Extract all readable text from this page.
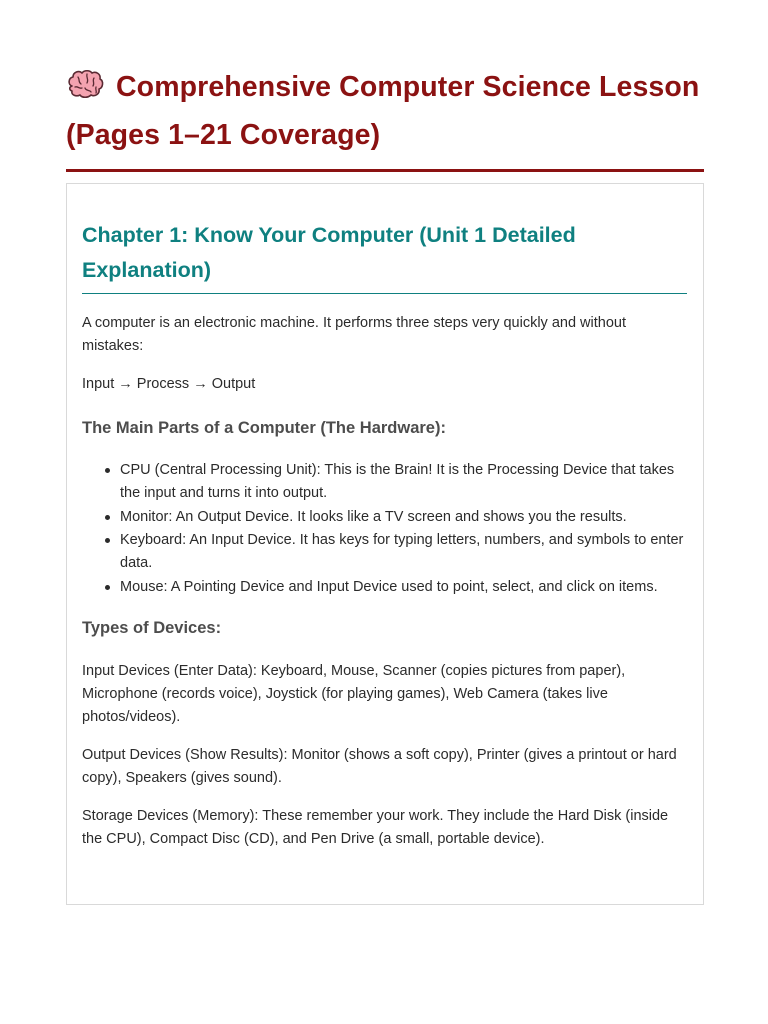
Comprehensive Computer Science Lesson (Pages 1–21 Coverage)
Chapter 1: Know Your Computer (Unit 1 Detailed Explanation)

A computer is an electronic machine. It performs three steps very quickly and without mistakes:

Input → Process → Output

The Main Parts of a Computer (The Hardware):
CPU (Central Processing Unit): This is the Brain! It is the Processing Device that takes the input and turns it into output.
Monitor: An Output Device. It looks like a TV screen and shows you the results.
Keyboard: An Input Device. It has keys for typing letters, numbers, and symbols to enter data.
Mouse: A Pointing Device and Input Device used to point, select, and click on items.
Types of Devices:

Input Devices (Enter Data): Keyboard, Mouse, Scanner (copies pictures from paper), Microphone (records voice), Joystick (for playing games), Web Camera (takes live photos/videos).

Output Devices (Show Results): Monitor (shows a soft copy), Printer (gives a printout or hard copy), Speakers (gives sound).

Storage Devices (Memory): These remember your work. They include the Hard Disk (inside the CPU), Compact Disc (CD), and Pen Drive (a small, portable device).
